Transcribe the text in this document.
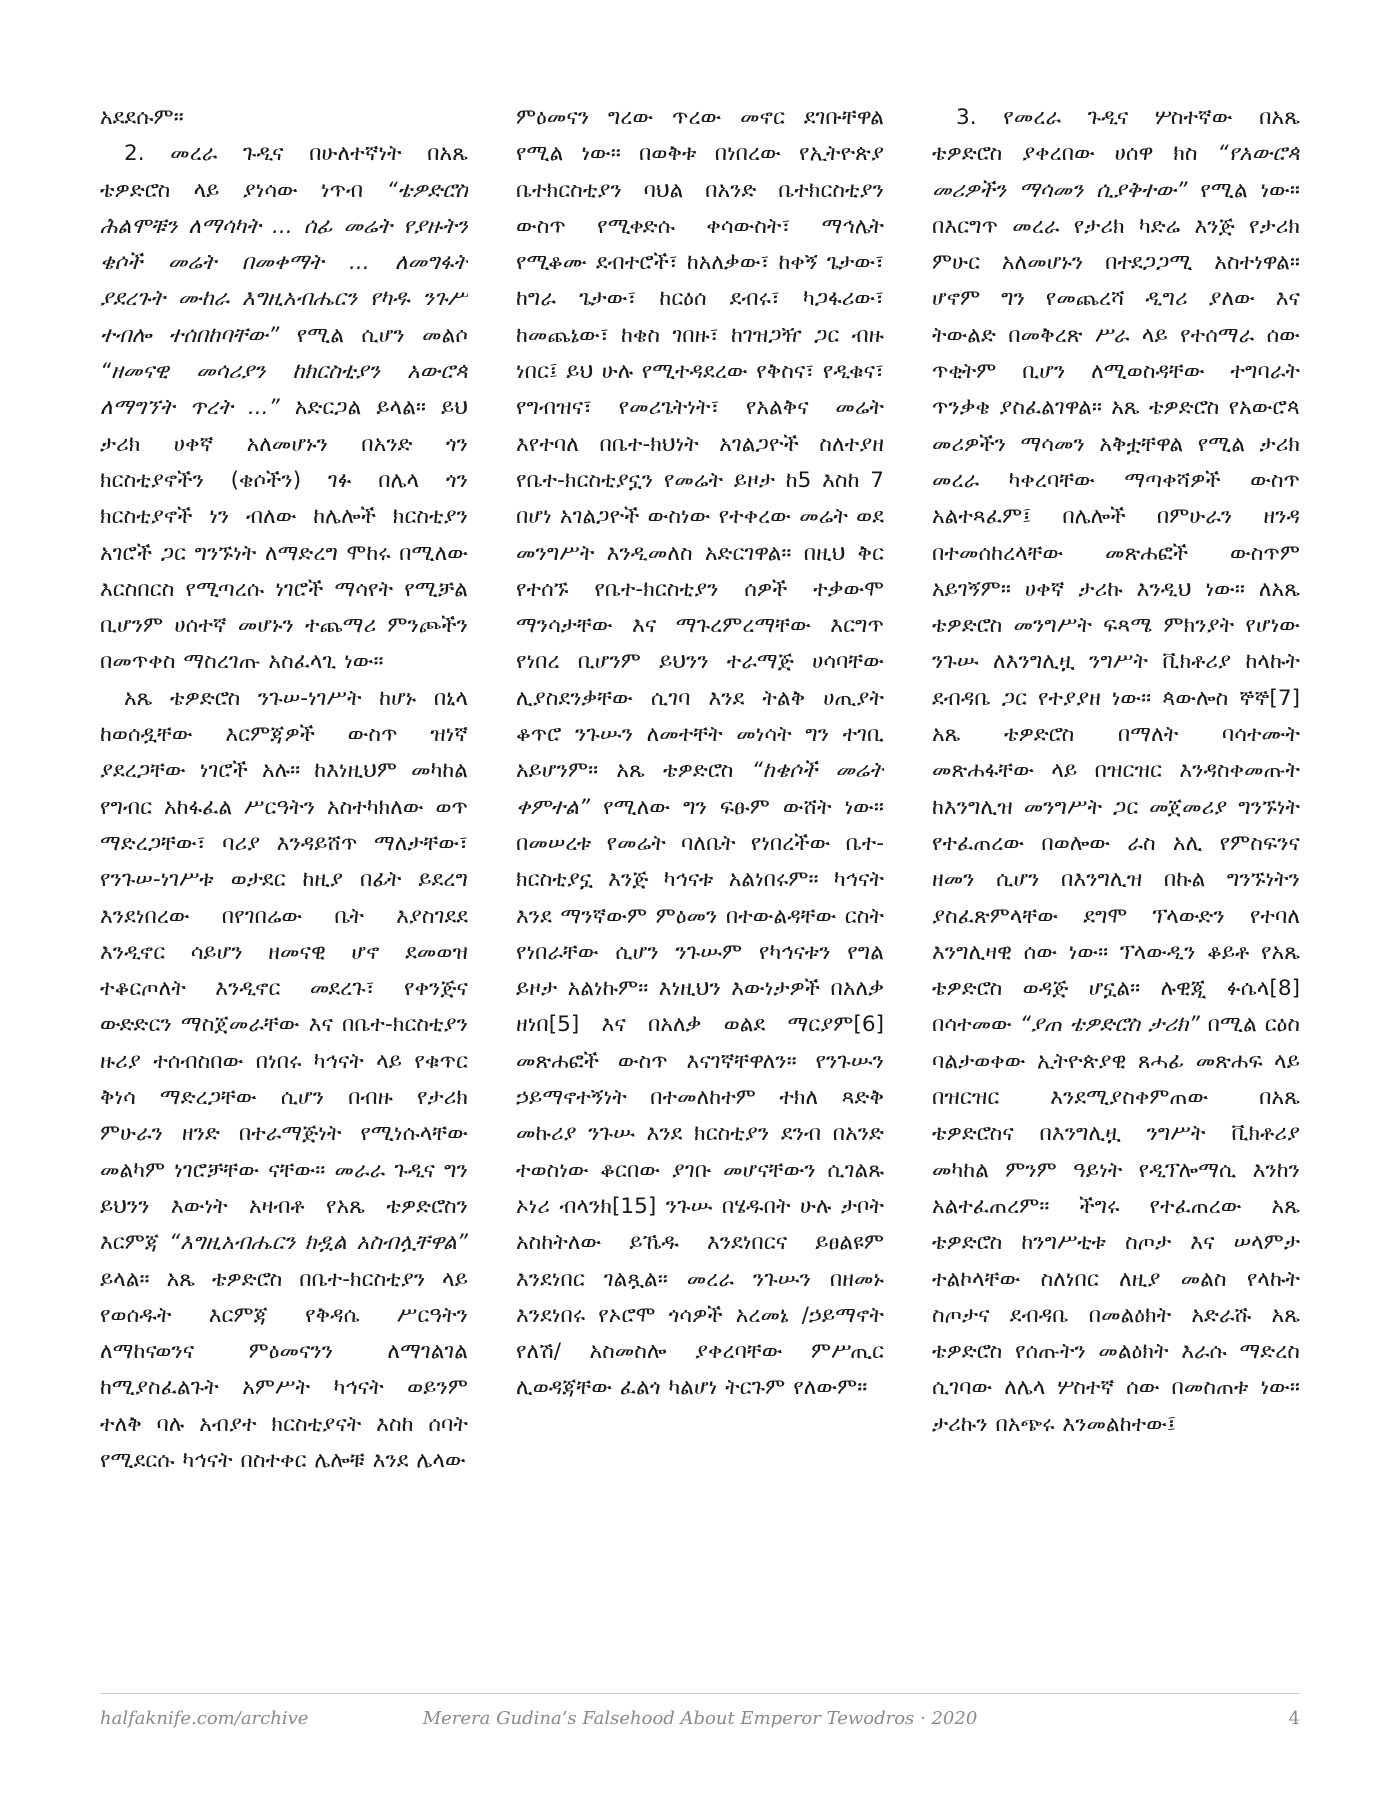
አደደሱም።

2. መረራ ጉዲና በሁለተኛነት በአጼ ቴዎድሮስ ላይ ያነሳው ነጥብ “ቴዎድሮስ ሕልሞቹን ለማሳካት ... ሰፊ መሬት የያዙትን ቄሶች መሬት በመቀማት ... ለመግፋት ያደረጉት ሙከራ እግዚአብሔርን የካዱ ንጉሥ ተብሎ ተሰበከባቸው” የሚል ሲሆን መልሶ “ዘመናዊ መሳሪያን ከክርስቲያን አውሮጳ ለማግኘት ጥረት ...” አድርጋል ይላል። ይህ ታሪክ ሀቀኛ አለመሆኑን በአንድ ጎን ክርስቲያኖችን (ቄሶችን) ገፉ በሌላ ጎን ክርስቲያኖች ነን ብለው ከሌሎች ክርስቲያን አገሮች ጋር ግንኙነት ለማድረግ ሞከሩ በሚለው እርስበርስ የሚጣረሱ ነገሮች ማሳየት የሚቻል ቢሆንም ሀሰተኛ መሆኑን ተጨማሪ ምንጮችን በመጥቀስ ማስረገጡ አስፈላጊ ነው።

አጼ ቴዎድሮስ ንጉሠ-ነገሥት ከሆኑ በኒላ ከወሰዷቸው እርምጃዎች ውስጥ ዝነኛ ያደረጋቸው ነገሮች አሉ። ከእነዚህም መካከል የግብር አከፋፈል ሥርዓትን አስተካክለው ወጥ ማድረጋቸው፣ ባሪያ እንዳይሸጥ ማለታቸው፣ የንጉሠ-ነገሥቱ ወታደር ከዚያ በፊት ይደረግ እንደነበረው በየገበሬው ቤት እያስገደደ እንዲኖር ሳይሆን ዘመናዊ ሆኖ ደመወዝ ተቆርጦለት እንዲኖር መደረጉ፣ የቀንጅና ውድድርን ማስጀመራቸው እና በቤተ-ክርስቲያን ዙሪያ ተሰብስበው በነበሩ ካኅናት ላይ የቁጥር ቅነሳ ማድረጋቸው ሲሆን በብዙ የታሪክ ምሁራን ዘንድ በተራማጅነት የሚነሱላቸው መልካም ነገሮቻቸው ናቸው። መራራ ጉዲና ግን ይህንን እውነት አዛብቶ የአጼ ቴዎድሮስን እርምጃ “እግዚአብሔርን ክዷል አስብሏቸዋል” ይላል። አጼ ቴዎድሮስ በቤተ-ክርስቲያን ላይ የወሰዱት እርምጃ የቅዳሴ ሥርዓትን ለማከናወንና ምዕመናንን ለማገልገል ከሚያስፈልጉት አምሥት ካኅናት ወይንም ተለቅ ባሉ አብያተ ክርስቲያናት እስከ ሰባት የሚደርሱ ካኅናት በስተቀር ሌሎቹ እንደ ሌላው

ምዕመናን ግረው ጥረው መኖር ደገቡቸዋል የሚል ነው። በወቅቱ በነበረው የኢትዮጵያ ቤተክርስቲያን ባህል በአንድ ቤተክርስቲያን ውስጥ የሚቀድሱ ቀሳውስት፣ ማኅሌት የሚቆሙ ደብተሮች፣ ከአለቃው፣ ከቀኝ ጌታው፣ ከግራ ጌታው፣ ከርዕሰ ደብሩ፣ ካጋፋሪው፣ ከመጨኔው፣ ከቄስ ገበዙ፣ ከገዝጋዥ ጋር ብዙ ነበር፤ ይህ ሁሉ የሚተዳደረው የቅስና፣ የዲቁና፣ የግብዝና፣ የመሪጌትነት፣ የአልቅና መሬት እየተባለ በቤተ-ክህነት አገልጋዮች ስለተያዘ የቤተ-ክርስቲያኗን የመሬት ይዞታ ከ5 እስከ 7 በሆነ አገልጋዮች ውስነው የተቀረው መሬት ወደ መንግሥት እንዲመለስ አድርገዋል። በዚህ ቅር የተሰኙ የቤተ-ክርስቲያን ሰዎች ተቃውሞ ማንሳታቸው እና ማጉረምረማቸው እርግጥ የነበረ ቢሆንም ይህንን ተራማጅ ሀሳባቸው ሊያስደንቃቸው ሲገባ እንደ ትልቅ ሀጢያት ቆጥሮ ንጉሡን ለመተቸት መነሳት ግን ተገቢ አይሆንም። አጼ ቴዎድሮስ “ከቄሶች መሬት ቀምተል” የሚለው ግን ፍፁም ውሸት ነው። በመሠረቱ የመሬት ባለቤት የነበረችው ቤተ-ክርስቲያኗ እንጅ ካኅናቱ አልነበሩም። ካኅናት እንደ ማንኛውም ምዕመን በተውልዳቸው ርስት የነበራቸው ሲሆን ንጉሡም የካኅናቱን የግል ይዞታ አልነኩም። እነዚህን እውነታዎች በአለቃ ዘነበ[5] እና በአለቃ ወልደ ማርያም[6] መጽሐፎች ውስጥ እናገኛቸዋለን። የንጉሡን ኃይማኖተኝነት በተመለከተም ተክለ ጻድቅ መኩሪያ ንጉሡ እንደ ክርስቲያን ደንብ በአንድ ተወስነው ቆርበው ያገቡ መሆናቸውን ሲገልጹ ኦነሪ ብላንክ[15] ንጉሡ በሄዱበት ሁሉ ታቦት አስከትለው ይኼዱ እንደነበርና ይፀልዩም እንደነበር ገልጿል። መረራ ንጉሡን በዘመኑ እንደነበሩ የኦሮሞ ጎሳዎች አረመኔ /ኃይማኖት የለሽ/ አስመስሎ ያቀረባቸው ምሥጢር ሊወዳጃቸው ፈልጎ ካልሆነ ትርጉም የለውም።

3. የመረራ ጉዲና ሦስተኛው በአጼ ቴዎድሮስ ያቀረበው ሀሰዋ ክስ “የአውሮጳ መሪዎችን ማሳመን ሲያቅተው” የሚል ነው። በእርግጥ መረራ የታሪክ ካድሬ እንጅ የታሪክ ምሁር አለመሆኑን በተደጋጋሚ አስተነዋል። ሆኖም ግን የመጨረሻ ዲግሪ ያለው እና ትውልድ በመቅረጽ ሥራ ላይ የተሰማራ ሰው ጥቂትም ቢሆን ለሚወስዳቸው ተግባራት ጥንቃቄ ያስፈልገዋል። አጼ ቴዎድሮስ የአውሮጳ መሪዎችን ማሳመን አቅቷቸዋል የሚል ታሪክ መረራ ካቀረባቸው ማጣቀሻዎች ውስጥ አልተጻፈም፤ በሌሎች በምሁራን ዘንዳ በተመሰከረላቸው መጽሐፎች ውስጥም አይገኝም። ሀቀኛ ታሪኩ እንዲህ ነው። ለአጼ ቴዎድሮስ መንግሥት ፍጻሜ ምክንያት የሆነው ንጉሡ ለእንግሊዟ ንግሥት ቪክቶሪያ ከላኩት ደብዳቤ ጋር የተያያዘ ነው። ጳውሎስ ኞኞ[7] አጼ ቴዎድሮስ በማለት ባሳተሙት መጽሐፋቸው ላይ በዝርዝር እንዳስቀመጡት ከእንግሊዝ መንግሥት ጋር መጀመሪያ ግንኙነት የተፈጠረው በወሎው ራስ አሊ የምስፍንና ዘመን ሲሆን በእንግሊዝ በኩል ግንኙነትን ያስፈጽምላቸው ደግሞ ፕላውድን የተባለ እንግሊዛዊ ሰው ነው። ፕላውዲን ቆይቶ የአጼ ቴዎድሮስ ወዳጅ ሆኗል። ሉዊጂ ፉሴላ[8] በሳተመው “ያጠ ቴዎድሮስ ታሪክ” በሚል ርዕስ ባልታወቀው ኢትዮጵያዊ ጸሓፊ መጽሐፍ ላይ በዝርዝር እንደሚያስቀምጠው በአጼ ቴዎድሮስና በእንግሊዟ ንግሥት ቪክቶሪያ መካከል ምንም ዓይነት የዲፕሎማሲ እንከን አልተፈጠረም። ችግሩ የተፈጠረው አጼ ቴዎድሮስ ከንግሥቲቱ ስጦታ እና ሠላምታ ተልኮላቸው ስለነበር ለዚያ መልስ የላኩት ስጦታና ደብዳቤ በመልዕክት አድራሹ አጼ ቴዎድሮስ የሰጡትን መልዕክት እራሱ ማድረስ ሲገባው ለሌላ ሦስተኛ ሰው በመስጠቱ ነው። ታሪኩን በአጭሩ እንመልከተው፤

halfaknife.com/archive	Merera Gudina’s Falsehood About Emperor Tewodros · 2020	4
